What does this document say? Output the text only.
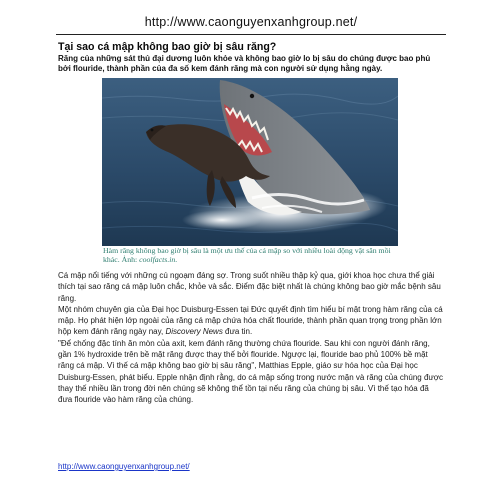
http://www.caonguyenxanhgroup.net/
Tại sao cá mập không bao giờ bị sâu răng?

Răng của những sát thủ đại dương luôn khỏe và không bao giờ lo bị sâu do chúng được bao phủ bởi flouride, thành phần của đa số kem đánh răng mà con người sử dụng hằng ngày.

Hàm răng không bao giờ bị sâu là một ưu thế của cá mập so với nhiều loài động vật săn mồi khác. Ảnh: coolfacts.in.

Cá mập nổi tiếng với những cú ngoạm đáng sợ. Trong suốt nhiều thập kỷ qua, giới khoa học chưa thể giải thích tại sao răng cá mập luôn chắc, khỏe và sắc. Điểm đặc biệt nhất là chúng không bao giờ mắc bệnh sâu răng.

Một nhóm chuyên gia của Đại học Duisburg-Essen tại Đức quyết định tìm hiểu bí mật trong hàm răng của cá mập. Họ phát hiện lớp ngoài của răng cá mập chứa hóa chất flouride, thành phần quan trọng trong phần lớn hộp kem đánh răng ngày nay, Discovery News đưa tin.

"Để chống đặc tính ăn mòn của axit, kem đánh răng thường chứa flouride. Sau khi con người đánh răng, gần 1% hydroxide trên bề mặt răng được thay thế bởi flouride. Ngược lại, flouride bao phủ 100% bề mặt răng cá mập. Vì thế cá mập không bao giờ bị sâu răng", Matthias Epple, giáo sư hóa học của Đại học Duisburg-Essen, phát biểu. Epple nhận định rằng, do cá mập sống trong nước mặn và răng của chúng được thay thế nhiều lần trong đời nên chúng sẽ không thể tồn tại nếu răng của chúng bị sâu. Vì thế tạo hóa đã đưa flouride vào hàm răng của chúng.

http://www.caonguyenxanhgroup.net/
